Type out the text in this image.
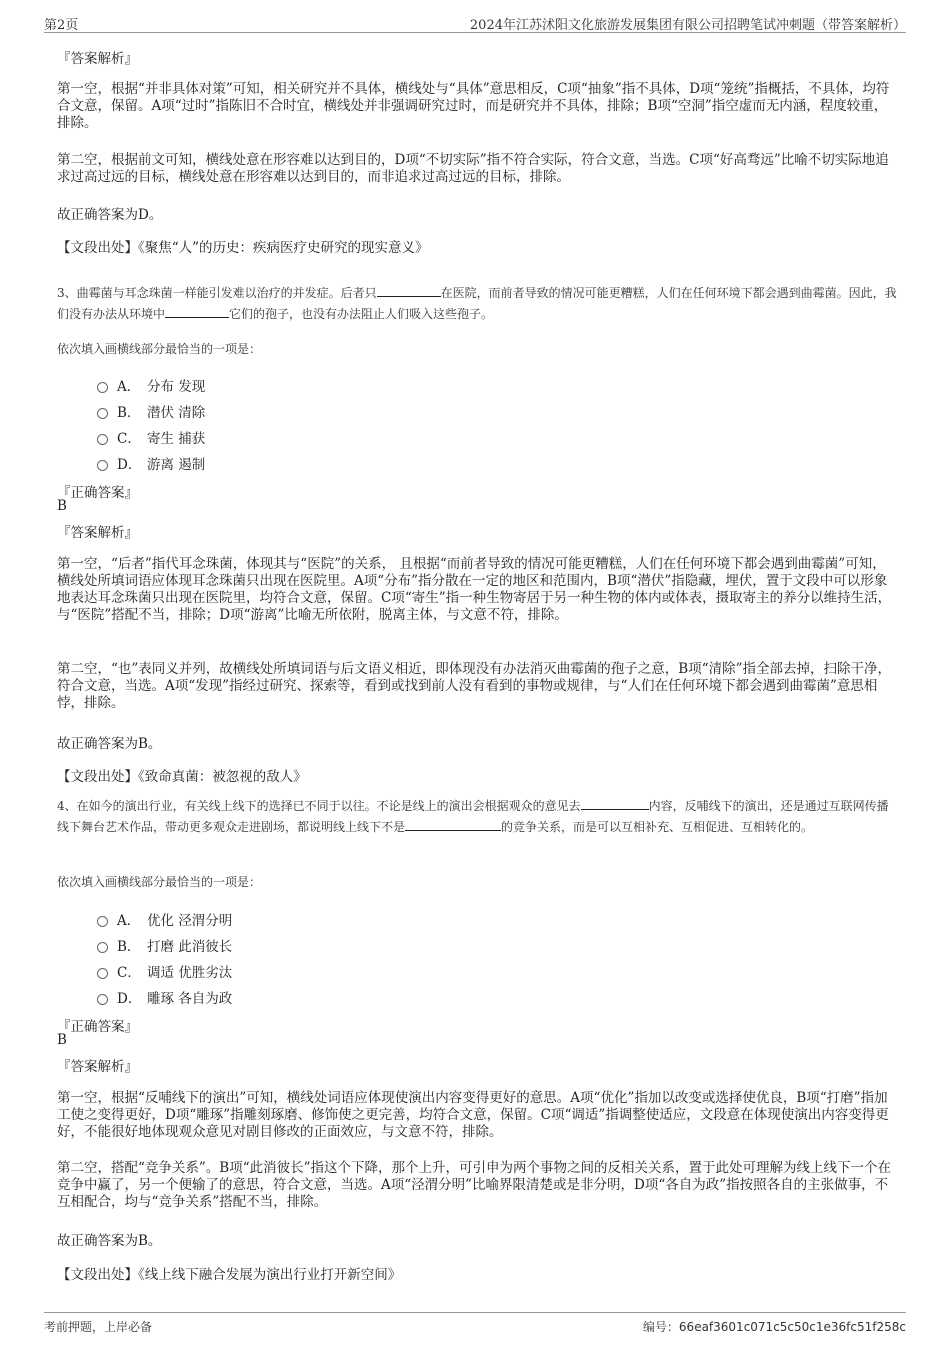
第2页	2024年江苏沭阳文化旅游发展集团有限公司招聘笔试冲刺题（带答案解析）
『答案解析』
第一空，根据“并非具体对策”可知，相关研究并不具体，横线处与“具体”意思相反，C项“抽象”指不具体，D项“笼统”指概括，不具体，均符合文意，保留。A项“过时”指陈旧不合时宜，横线处并非强调研究过时，而是研究并不具体，排除；B项“空洞”指空虚而无内涵，程度较重，排除。
第二空，根据前文可知，横线处意在形容难以达到目的，D项“不切实际”指不符合实际，符合文意，当选。C项“好高骛远”比喻不切实际地追求过高过远的目标，横线处意在形容难以达到目的，而非追求过高过远的目标，排除。
故正确答案为D。
【文段出处】《聚焦“人”的历史：疾病医疗史研究的现实意义》
3、曲霉菌与耳念珠菌一样能引发难以治疗的并发症。后者只	在医院，而前者导致的情况可能更糟糕，人们在任何环境下都会遇到曲霉菌。因此，我们没有办法从环境中	它们的孢子，也没有办法阻止人们吸入这些孢子。
依次填入画横线部分最恰当的一项是：
A． 分布 发现
B． 潜伏 清除
C． 寄生 捕获
D． 游离 遏制
『正确答案』
B
『答案解析』
第一空，“后者”指代耳念珠菌，体现其与“医院”的关系， 且根据“而前者导致的情况可能更糟糕，人们在任何环境下都会遇到曲霉菌”可知，横线处所填词语应体现耳念珠菌只出现在医院里。A项“分布”指分散在一定的地区和范围内，B项“潜伏”指隐藏，埋伏，置于文段中可以形象地表达耳念珠菌只出现在医院里，均符合文意，保留。C项“寄生”指一种生物寄居于另一种生物的体内或体表，摄取寄主的养分以维持生活，与“医院”搭配不当，排除；D项“游离”比喻无所依附，脱离主体，与文意不符，排除。
第二空，“也”表同义并列，故横线处所填词语与后文语义相近，即体现没有办法消灭曲霉菌的孢子之意，B项“清除”指全部去掉，扫除干净，符合文意，当选。A项“发现”指经过研究、探索等，看到或找到前人没有看到的事物或规律，与“人们在任何环境下都会遇到曲霉菌”意思相悖，排除。
故正确答案为B。
【文段出处】《致命真菌：被忽视的敌人》
4、在如今的演出行业，有关线上线下的选择已不同于以往。不论是线上的演出会根据观众的意见去	内容，反哺线下的演出，还是通过互联网传播线下舞台艺术作品，带动更多观众走进剧场，都说明线上线下不是	的竞争关系，而是可以互相补充、互相促进、互相转化的。
依次填入画横线部分最恰当的一项是：
A． 优化 泾渭分明
B． 打磨 此消彼长
C． 调适 优胜劣汰
D． 雕琢 各自为政
『正确答案』
B
『答案解析』
第一空，根据“反哺线下的演出”可知，横线处词语应体现使演出内容变得更好的意思。A项“优化”指加以改变或选择使优良，B项“打磨”指加工使之变得更好，D项“雕琢”指雕刻琢磨、修饰使之更完善，均符合文意，保留。C项“调适”指调整使适应，文段意在体现使演出内容变得更好，不能很好地体现观众意见对剧目修改的正面效应，与文意不符，排除。
第二空，搭配“竞争关系”。B项“此消彼长”指这个下降，那个上升，可引申为两个事物之间的反相关关系，置于此处可理解为线上线下一个在竞争中赢了，另一个便输了的意思，符合文意，当选。A项“泾渭分明”比喻界限清楚或是非分明，D项“各自为政”指按照各自的主张做事，不互相配合，均与“竞争关系”搭配不当，排除。
故正确答案为B。
【文段出处】《线上线下融合发展为演出行业打开新空间》
考前押题，上岸必备	编号：66eaf3601c071c5c50c1e36fc51f258c
